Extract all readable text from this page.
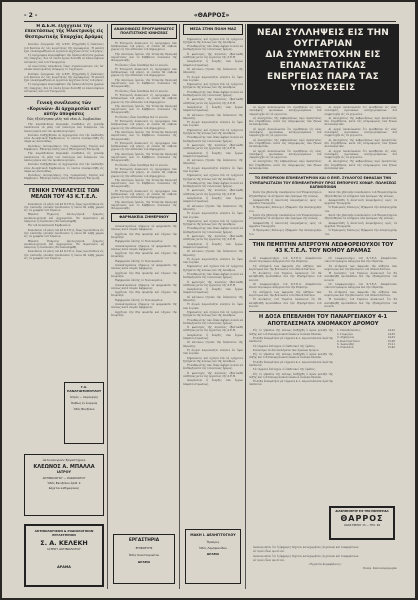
- 2 -	«ΘΑΡΡΟΣ»
Ἡ Δ.Ε.Η. ἐξήγγειλε τὴν ἐπεκτάσεως τῆς Ἠλεκτρικῆς εἰς Θεσπρωτικῆς Ἐπαρχίας Δράμας

Κατόπιν ἐνεργειῶν τῆς Δ.Ε.Η. ἐξηγγέλθη ἡ ἐπέκτασις τοῦ δικτύου εἰς τὰς κοινότητας τῆς περιφερείας. Ἡ μελέτη ἔχει ὁλοκληρωθῆ καὶ αἱ ἐργασίαι ἀρχίζουν ἐντὸς τοῦ μηνός.

Τὸ πρόγραμμα περιλαμβάνει τὴν ἠλεκτροδότησιν χωρίων τῆς ἐπαρχίας, διὰ τὰ ὁποῖα ἔχουν διατεθῆ αἱ ἀπαιτούμεναι πιστώσεις ὑπὸ τοῦ Ὑπουργείου.

Αἱ κοινότητες καλοῦνται ὅπως συγκεντρώσουν τὰς ὑπ’ αὐτῶν ἀναλογούσας εἰσφορὰς τὸ ταχύτερον.

Κατόπιν ἐνεργειῶν τῆς Δ.Ε.Η. ἐξηγγέλθη ἡ ἐπέκτασις τοῦ δικτύου εἰς τὰς κοινότητας τῆς περιφερείας. Ἡ μελέτη ἔχει ὁλοκληρωθῆ καὶ αἱ ἐργασίαι ἀρχίζουν ἐντὸς τοῦ μηνός.

Τὸ πρόγραμμα περιλαμβάνει τὴν ἠλεκτροδότησιν χωρίων τῆς ἐπαρχίας, διὰ τὰ ὁποῖα ἔχουν διατεθῆ αἱ ἀπαιτούμεναι πιστώσεις ὑπὸ τοῦ Ὑπουργείου.

Γενικὴ συνέλευσις τῶν «Κορυνῶν» Αἱ ἀρχαιρεσίαι κατ’ αὐτήν ἀποφάσεις
Πῶς ἐξελέγησαν μέλη τοῦ νέου Δ. Συμβουλίου

Τὴν παρελθοῦσαν Κυριακὴν συνῆλθον εἰς γενικὴν συνέλευσιν τὰ μέλη τοῦ συλλόγου καὶ ἐνέκριναν τὸν ἀπολογισμὸν καὶ τὸν προϋπολογισμόν.

Κατόπιν διεξήχθησαν αἱ ἀρχαιρεσίαι διὰ τὴν ἀνάδειξιν νέου Διοικητικοῦ Συμβουλίου, τὸ ὁποῖον συνεκροτήθη εἰς σῶμα ὡς ἀκολούθως.

Πρόεδρος, Ἀντιπρόεδρος, Γεν. Γραμματεύς, Ταμίας καὶ Σύμβουλοι. Ἐξελέγη ἐπίσης καὶ ἡ Ἐξελεγκτικὴ Ἐπιτροπή.

Τὴν παρελθοῦσαν Κυριακὴν συνῆλθον εἰς γενικὴν συνέλευσιν τὰ μέλη τοῦ συλλόγου καὶ ἐνέκριναν τὸν ἀπολογισμὸν καὶ τὸν προϋπολογισμόν.

Κατόπιν διεξήχθησαν αἱ ἀρχαιρεσίαι διὰ τὴν ἀνάδειξιν νέου Διοικητικοῦ Συμβουλίου, τὸ ὁποῖον συνεκροτήθη εἰς σῶμα ὡς ἀκολούθως.

Πρόεδρος, Ἀντιπρόεδρος, Γεν. Γραμματεύς, Ταμίας καὶ Σύμβουλοι. Ἐξελέγη ἐπίσης καὶ ἡ Ἐξελεγκτικὴ Ἐπιτροπή.

ΓΕΝΙΚΗ ΣΥΝΕΛΕΥΣΙΣ ΤΩΝ ΜΕΛΩΝ ΤΟΥ 43 Κ.Τ.Ε.Λ.

Καλοῦνται τὰ μέλη τοῦ 43 Κ.Τ.Ε.Λ. ὅπως προσέλθουν εἰς τὴν τακτικὴν γενικὴν συνέλευσιν ἡ ὁποία θὰ λάβῃ χώραν εἰς τὰ γραφεῖα τοῦ Ταμείου.

Θέματα: Ἔγκρισις ἀπολογισμοῦ, ἔγκρισις προϋπολογισμοῦ καὶ ἀρχαιρεσίαι. Ἐν περιπτώσει μὴ ἀπαρτίας ἡ συνέλευσις θὰ ἐπαναληφθῇ.

Ἐκ τοῦ Διοικητικοῦ Συμβουλίου.

Καλοῦνται τὰ μέλη τοῦ 43 Κ.Τ.Ε.Λ. ὅπως προσέλθουν εἰς τὴν τακτικὴν γενικὴν συνέλευσιν ἡ ὁποία θὰ λάβῃ χώραν εἰς τὰ γραφεῖα τοῦ Ταμείου.

Θέματα: Ἔγκρισις ἀπολογισμοῦ, ἔγκρισις προϋπολογισμοῦ καὶ ἀρχαιρεσίαι. Ἐν περιπτώσει μὴ ἀπαρτίας ἡ συνέλευσις θὰ ἐπαναληφθῇ.

Καλοῦνται τὰ μέλη τοῦ 43 Κ.Τ.Ε.Λ. ὅπως προσέλθουν εἰς τὴν τακτικὴν γενικὴν συνέλευσιν ἡ ὁποία θὰ λάβῃ χώραν εἰς τὰ γραφεῖα τοῦ Ταμείου.

Γ.Α. ΠΑΝΑΓΙΩΤΟΠΟΥΛΟΥ
Ἰατρὸς — Χειρουργός
Ἰσοβίως ἐν ἐνεργείᾳ
Ὁδὸς Βενιζέλου
Ἀκτινολογικὸν Ἐργαστήριον
ΚΛΕΩΝΟΣ Α. ΜΠΑΛΛΑ
ΙΑΤΡΟΥ
ΑΚΤΙΝΟΛΟΓΟΥ — ΡΑΔΙΟΛΟΓΟΥ
Ὁδὸς Βενιζέλου ἀριθ. 4
Δέχεται καθημερινῶς
ΑΚΤΙΝΟΛΟΓΙΚΟΝ & ΡΑΔΙΟΛΟΓΙΚΟΝ
ΕΡΓΑΣΤΗΡΙΟΝ
Σ. Α. ΚΕΛΕΚΗ
ΙΑΤΡΟΥ ΑΚΤΙΝΟΛΟΓΟΥ
ΔΡΑΜΑ
ΑΝΑΚΟΙΝΩΣΙΣ ΠΡΟΓΡΑΜΜΑΤΟΣ ΠΟΛΙΤΙΣΤΙΚΗΣ ΚΙΝΗΣΕΩΣ

Ἡ Ἐπιτροπὴ ἀνακοινοῖ τὸ πρόγραμμα τῶν ἐκδηλώσεων τοῦ μηνός, αἱ ὁποῖαι θὰ λάβουν χώραν εἰς τὴν αἴθουσαν τοῦ Δημαρχείου.

Τὴν Δευτέραν ὁμιλία, τὴν Τετάρτην θεατρικὴ παράστασις καὶ τὸ Σάββατον συναυλία τῆς Φιλαρμονικῆς.

Ἡ εἴσοδος εἶναι ἐλευθέρα διὰ τὸ κοινόν.

Ἡ Ἐπιτροπὴ ἀνακοινοῖ τὸ πρόγραμμα τῶν ἐκδηλώσεων τοῦ μηνός, αἱ ὁποῖαι θὰ λάβουν χώραν εἰς τὴν αἴθουσαν τοῦ Δημαρχείου.

Τὴν Δευτέραν ὁμιλία, τὴν Τετάρτην θεατρικὴ παράστασις καὶ τὸ Σάββατον συναυλία τῆς Φιλαρμονικῆς.

Ἡ εἴσοδος εἶναι ἐλευθέρα διὰ τὸ κοινόν.

Ἡ Ἐπιτροπὴ ἀνακοινοῖ τὸ πρόγραμμα τῶν ἐκδηλώσεων τοῦ μηνός, αἱ ὁποῖαι θὰ λάβουν χώραν εἰς τὴν αἴθουσαν τοῦ Δημαρχείου.

Τὴν Δευτέραν ὁμιλία, τὴν Τετάρτην θεατρικὴ παράστασις καὶ τὸ Σάββατον συναυλία τῆς Φιλαρμονικῆς.

Ἡ εἴσοδος εἶναι ἐλευθέρα διὰ τὸ κοινόν.

Ἡ Ἐπιτροπὴ ἀνακοινοῖ τὸ πρόγραμμα τῶν ἐκδηλώσεων τοῦ μηνός, αἱ ὁποῖαι θὰ λάβουν χώραν εἰς τὴν αἴθουσαν τοῦ Δημαρχείου.

Τὴν Δευτέραν ὁμιλία, τὴν Τετάρτην θεατρικὴ παράστασις καὶ τὸ Σάββατον συναυλία τῆς Φιλαρμονικῆς.

Ἡ Ἐπιτροπὴ ἀνακοινοῖ τὸ πρόγραμμα τῶν ἐκδηλώσεων τοῦ μηνός, αἱ ὁποῖαι θὰ λάβουν χώραν εἰς τὴν αἴθουσαν τοῦ Δημαρχείου.

Τὴν Δευτέραν ὁμιλία, τὴν Τετάρτην θεατρικὴ παράστασις καὶ τὸ Σάββατον συναυλία τῆς Φιλαρμονικῆς.

Ἡ εἴσοδος εἶναι ἐλευθέρα διὰ τὸ κοινόν.

Ἡ Ἐπιτροπὴ ἀνακοινοῖ τὸ πρόγραμμα τῶν ἐκδηλώσεων τοῦ μηνός, αἱ ὁποῖαι θὰ λάβουν χώραν εἰς τὴν αἴθουσαν τοῦ Δημαρχείου.

Τὴν Δευτέραν ὁμιλία, τὴν Τετάρτην θεατρικὴ παράστασις καὶ τὸ Σάββατον συναυλία τῆς Φιλαρμονικῆς.

Ἡ Ἐπιτροπὴ ἀνακοινοῖ τὸ πρόγραμμα τῶν ἐκδηλώσεων τοῦ μηνός, αἱ ὁποῖαι θὰ λάβουν χώραν εἰς τὴν αἴθουσαν τοῦ Δημαρχείου.

Τὴν Δευτέραν ὁμιλία, τὴν Τετάρτην θεατρικὴ παράστασις καὶ τὸ Σάββατον συναυλία τῆς Φιλαρμονικῆς.

ΦΑΡΜΑΚΕΙΑ ΣΗΜΕΡΙΝΟΥ

Διανυκτερεύουν σήμερον τὰ φαρμακεῖα τῆς πόλεως κατὰ σειρὰν ἐφημερίας.

Ἀρχίζουν τὴν 8ην πρωϊνὴν καὶ λήγουν τὴν ἑπομένην.

Ἐφημερεύει ἐπίσης τὸ Νοσοκομεῖον.

Διανυκτερεύουν σήμερον τὰ φαρμακεῖα τῆς πόλεως κατὰ σειρὰν ἐφημερίας.

Ἀρχίζουν τὴν 8ην πρωϊνὴν καὶ λήγουν τὴν ἑπομένην.

Ἐφημερεύει ἐπίσης τὸ Νοσοκομεῖον.

Διανυκτερεύουν σήμερον τὰ φαρμακεῖα τῆς πόλεως κατὰ σειρὰν ἐφημερίας.

Ἀρχίζουν τὴν 8ην πρωϊνὴν καὶ λήγουν τὴν ἑπομένην.

Ἐφημερεύει ἐπίσης τὸ Νοσοκομεῖον.

Διανυκτερεύουν σήμερον τὰ φαρμακεῖα τῆς πόλεως κατὰ σειρὰν ἐφημερίας.

Ἀρχίζουν τὴν 8ην πρωϊνὴν καὶ λήγουν τὴν ἑπομένην.

Ἐφημερεύει ἐπίσης τὸ Νοσοκομεῖον.

Διανυκτερεύουν σήμερον τὰ φαρμακεῖα τῆς πόλεως κατὰ σειρὰν ἐφημερίας.

Ἀρχίζουν τὴν 8ην πρωϊνὴν καὶ λήγουν τὴν ἑπομένην.

ΕΡΓΑΣΤΗΡΙΑ
ΕΠΙΣΚΕΥΗΣ
Ὁδὸς Κουντουριώτου
ΔΡΑΜΑ
ΜΕΣΑ ΣΤΗΝ ΠΟΛΗ ΜΑΣ

Σημειώσεις καὶ σχόλια διὰ τὰ τρέχοντα ζητήματα τῆς πόλεως καὶ τῆς ὑπαίθρου.

Ἡ καθαριότης τῶν ὁδῶν ἀφήνει πολλὰ νὰ ἐπιθυμῇ κατὰ τὰς τελευταίας ἡμέρας.

Ὁ φωτισμὸς τῆς πλατείας ἐβελτιώθη αἰσθητῶς μετὰ τὰς ἐργασίας τῆς Δ.Ε.Η.

Ἀναμένεται ἡ ἔναρξις τῶν ἔργων ἀσφαλτοστρώσεως.

Οἱ κάτοικοι ζητοῦν τὴν ἐπέκτασιν τῆς ὕδρευσης.

Ἡ ἀγορὰ παρουσιάζει κίνησιν ἐν ὄψει τῶν ἑορτῶν.

Σημειώσεις καὶ σχόλια διὰ τὰ τρέχοντα ζητήματα τῆς πόλεως καὶ τῆς ὑπαίθρου.

Ἡ καθαριότης τῶν ὁδῶν ἀφήνει πολλὰ νὰ ἐπιθυμῇ κατὰ τὰς τελευταίας ἡμέρας.

Ὁ φωτισμὸς τῆς πλατείας ἐβελτιώθη αἰσθητῶς μετὰ τὰς ἐργασίας τῆς Δ.Ε.Η.

Ἀναμένεται ἡ ἔναρξις τῶν ἔργων ἀσφαλτοστρώσεως.

Οἱ κάτοικοι ζητοῦν τὴν ἐπέκτασιν τῆς ὕδρευσης.

Ἡ ἀγορὰ παρουσιάζει κίνησιν ἐν ὄψει τῶν ἑορτῶν.

Σημειώσεις καὶ σχόλια διὰ τὰ τρέχοντα ζητήματα τῆς πόλεως καὶ τῆς ὑπαίθρου.

Ἡ καθαριότης τῶν ὁδῶν ἀφήνει πολλὰ νὰ ἐπιθυμῇ κατὰ τὰς τελευταίας ἡμέρας.

Ὁ φωτισμὸς τῆς πλατείας ἐβελτιώθη αἰσθητῶς μετὰ τὰς ἐργασίας τῆς Δ.Ε.Η.

Ἀναμένεται ἡ ἔναρξις τῶν ἔργων ἀσφαλτοστρώσεως.

Οἱ κάτοικοι ζητοῦν τὴν ἐπέκτασιν τῆς ὕδρευσης.

Ἡ ἀγορὰ παρουσιάζει κίνησιν ἐν ὄψει τῶν ἑορτῶν.

Σημειώσεις καὶ σχόλια διὰ τὰ τρέχοντα ζητήματα τῆς πόλεως καὶ τῆς ὑπαίθρου.

Ἡ καθαριότης τῶν ὁδῶν ἀφήνει πολλὰ νὰ ἐπιθυμῇ κατὰ τὰς τελευταίας ἡμέρας.

Ὁ φωτισμὸς τῆς πλατείας ἐβελτιώθη αἰσθητῶς μετὰ τὰς ἐργασίας τῆς Δ.Ε.Η.

Ἀναμένεται ἡ ἔναρξις τῶν ἔργων ἀσφαλτοστρώσεως.

Οἱ κάτοικοι ζητοῦν τὴν ἐπέκτασιν τῆς ὕδρευσης.

Ἡ ἀγορὰ παρουσιάζει κίνησιν ἐν ὄψει τῶν ἑορτῶν.

Σημειώσεις καὶ σχόλια διὰ τὰ τρέχοντα ζητήματα τῆς πόλεως καὶ τῆς ὑπαίθρου.

Ἡ καθαριότης τῶν ὁδῶν ἀφήνει πολλὰ νὰ ἐπιθυμῇ κατὰ τὰς τελευταίας ἡμέρας.

Ὁ φωτισμὸς τῆς πλατείας ἐβελτιώθη αἰσθητῶς μετὰ τὰς ἐργασίας τῆς Δ.Ε.Η.

Ἀναμένεται ἡ ἔναρξις τῶν ἔργων ἀσφαλτοστρώσεως.

Οἱ κάτοικοι ζητοῦν τὴν ἐπέκτασιν τῆς ὕδρευσης.

Ἡ ἀγορὰ παρουσιάζει κίνησιν ἐν ὄψει τῶν ἑορτῶν.

Σημειώσεις καὶ σχόλια διὰ τὰ τρέχοντα ζητήματα τῆς πόλεως καὶ τῆς ὑπαίθρου.

Ἡ καθαριότης τῶν ὁδῶν ἀφήνει πολλὰ νὰ ἐπιθυμῇ κατὰ τὰς τελευταίας ἡμέρας.

Ὁ φωτισμὸς τῆς πλατείας ἐβελτιώθη αἰσθητῶς μετὰ τὰς ἐργασίας τῆς Δ.Ε.Η.

Ἀναμένεται ἡ ἔναρξις τῶν ἔργων ἀσφαλτοστρώσεως.

Οἱ κάτοικοι ζητοῦν τὴν ἐπέκτασιν τῆς ὕδρευσης.

Ἡ ἀγορὰ παρουσιάζει κίνησιν ἐν ὄψει τῶν ἑορτῶν.

Σημειώσεις καὶ σχόλια διὰ τὰ τρέχοντα ζητήματα τῆς πόλεως καὶ τῆς ὑπαίθρου.

Ἡ καθαριότης τῶν ὁδῶν ἀφήνει πολλὰ νὰ ἐπιθυμῇ κατὰ τὰς τελευταίας ἡμέρας.

Ὁ φωτισμὸς τῆς πλατείας ἐβελτιώθη αἰσθητῶς μετὰ τὰς ἐργασίας τῆς Δ.Ε.Η.

Ἀναμένεται ἡ ἔναρξις τῶν ἔργων ἀσφαλτοστρώσεως.

Οἱ κάτοικοι ζητοῦν τὴν ἐπέκτασιν τῆς ὕδρευσης.

Ἡ ἀγορὰ παρουσιάζει κίνησιν ἐν ὄψει τῶν ἑορτῶν.

Σημειώσεις καὶ σχόλια διὰ τὰ τρέχοντα ζητήματα τῆς πόλεως καὶ τῆς ὑπαίθρου.

Ἡ καθαριότης τῶν ὁδῶν ἀφήνει πολλὰ νὰ ἐπιθυμῇ κατὰ τὰς τελευταίας ἡμέρας.

Ὁ φωτισμὸς τῆς πλατείας ἐβελτιώθη αἰσθητῶς μετὰ τὰς ἐργασίας τῆς Δ.Ε.Η.

Ἀναμένεται ἡ ἔναρξις τῶν ἔργων ἀσφαλτοστρώσεως.

ΜΑΚΗ Ι. ΔΕΛΗΓΙΤΟΓΛΟΥ
Ἔμπορος
Ὁδὸς Λαμπριανίδου
ΔΡΑΜΑ
ΝΕΑΙ ΣΥΛΛΗΨΕΙΣ ΕΙΣ ΤΗΝ ΟΥΓΓΑΡΙΑΝ
ΔΙΑ ΣΥΜΜΕΤΟΧΗΝ ΕΙΣ ΕΠΑΝΑΣΤΑΤΙΚΑΣ
ΕΝΕΡΓΕΙΑΣ ΠΑΡΑ ΤΑΣ ΥΠΟΣΧΕΣΕΙΣ

Αἱ ἀρχαὶ ἀνεκοίνωσαν ὅτι προέβησαν εἰς νέας συλλήψεις προσώπων κατηγορουμένων διὰ συμμετοχὴν εἰς τὰ γεγονότα.

Αἱ ὑποσχέσεις τῆς κυβερνήσεως περὶ ἀμνηστείας δὲν ἐτηρήθησαν, κατὰ τὰς πληροφορίας τῶν ξένων ἀνταποκριτῶν.

Αἱ ἀρχαὶ ἀνεκοίνωσαν ὅτι προέβησαν εἰς νέας συλλήψεις προσώπων κατηγορουμένων διὰ συμμετοχὴν εἰς τὰ γεγονότα.

Αἱ ὑποσχέσεις τῆς κυβερνήσεως περὶ ἀμνηστείας δὲν ἐτηρήθησαν, κατὰ τὰς πληροφορίας τῶν ξένων ἀνταποκριτῶν.

Αἱ ἀρχαὶ ἀνεκοίνωσαν ὅτι προέβησαν εἰς νέας συλλήψεις προσώπων κατηγορουμένων διὰ συμμετοχὴν εἰς τὰ γεγονότα.

Αἱ ὑποσχέσεις τῆς κυβερνήσεως περὶ ἀμνηστείας δὲν ἐτηρήθησαν, κατὰ τὰς πληροφορίας τῶν ξένων ἀνταποκριτῶν.

Αἱ ἀρχαὶ ἀνεκοίνωσαν ὅτι προέβησαν εἰς νέας συλλήψεις προσώπων κατηγορουμένων διὰ συμμετοχὴν εἰς τὰ γεγονότα.

Αἱ ὑποσχέσεις τῆς κυβερνήσεως περὶ ἀμνηστείας δὲν ἐτηρήθησαν, κατὰ τὰς πληροφορίας τῶν ξένων ἀνταποκριτῶν.

Αἱ ἀρχαὶ ἀνεκοίνωσαν ὅτι προέβησαν εἰς νέας συλλήψεις προσώπων κατηγορουμένων διὰ συμμετοχὴν εἰς τὰ γεγονότα.

Αἱ ὑποσχέσεις τῆς κυβερνήσεως περὶ ἀμνηστείας δὲν ἐτηρήθησαν, κατὰ τὰς πληροφορίας τῶν ξένων ἀνταποκριτῶν.

Αἱ ἀρχαὶ ἀνεκοίνωσαν ὅτι προέβησαν εἰς νέας συλλήψεις προσώπων κατηγορουμένων διὰ συμμετοχὴν εἰς τὰ γεγονότα.

Αἱ ὑποσχέσεις τῆς κυβερνήσεως περὶ ἀμνηστείας δὲν ἐτηρήθησαν, κατὰ τὰς πληροφορίας τῶν ξένων ἀνταποκριτῶν.

ΤΟ ΕΜΠΟΡΙΚΟΝ ΕΠΙΜΕΛΗΤΗΡΙΟΝ ΚΑΙ Ο ΕΜΠ. ΣΥΛΛΟΓΟΣ ΕΦΘΑΣΑΝ ΤΗΝ ΣΥΜΠΑΡΑΣΤΑΣΙΝ ΤΟΥ ΕΠΙΜΕΛΗΤΗΡΙΟΥ ΠΡΟΣ ΕΜΠΟΡΟΥΣ ΧΟΝΔΡ. ΠΩΛΗΣΕΩΣ ΚΑΠΝΟΠΟΙΩΝ

Κατὰ τὴν χθεσινὴν συνεδρίασιν τοῦ Ἐπιμελητηρίου ἐξητάσθησαν τὰ αἰτήματα τῶν ἐμπόρων τῆς πόλεως.

Ἀπεφασίσθη ἡ ἀποστολὴ ὑπομνήματος πρὸς τὰ ἁρμόδια Ὑπουργεῖα.

Ὁ Ἐμπορικὸς Σύλλογος ἐξέφρασε τὴν ἀλληλεγγύην του.

Κατὰ τὴν χθεσινὴν συνεδρίασιν τοῦ Ἐπιμελητηρίου ἐξητάσθησαν τὰ αἰτήματα τῶν ἐμπόρων τῆς πόλεως.

Ἀπεφασίσθη ἡ ἀποστολὴ ὑπομνήματος πρὸς τὰ ἁρμόδια Ὑπουργεῖα.

Ὁ Ἐμπορικὸς Σύλλογος ἐξέφρασε τὴν ἀλληλεγγύην του.

Κατὰ τὴν χθεσινὴν συνεδρίασιν τοῦ Ἐπιμελητηρίου ἐξητάσθησαν τὰ αἰτήματα τῶν ἐμπόρων τῆς πόλεως.

Ἀπεφασίσθη ἡ ἀποστολὴ ὑπομνήματος πρὸς τὰ ἁρμόδια Ὑπουργεῖα.

Ὁ Ἐμπορικὸς Σύλλογος ἐξέφρασε τὴν ἀλληλεγγύην του.

Κατὰ τὴν χθεσινὴν συνεδρίασιν τοῦ Ἐπιμελητηρίου ἐξητάσθησαν τὰ αἰτήματα τῶν ἐμπόρων τῆς πόλεως.

Ἀπεφασίσθη ἡ ἀποστολὴ ὑπομνήματος πρὸς τὰ ἁρμόδια Ὑπουργεῖα.

Ὁ Ἐμπορικὸς Σύλλογος ἐξέφρασε τὴν ἀλληλεγγύην του.

ΤΗΝ ΠΕΜΠΤΗΝ ΑΠΕΡΓΟΥΝ ΛΕΩΦΟΡΕΙΟΥΧΟΙ ΤΟΥ 43 Κ.Τ.Ε.Λ. ΤΟΥ ΝΟΜΟΥ ΔΡΑΜΑΣ

Οἱ λεωφορειοῦχοι τοῦ Κ.Τ.Ε.Λ. ἀπεφάσισαν εἰκοσιτετράωρον ἀπεργίαν διὰ τὴν Πέμπτην.

Τὰ αἰτήματά των ἀφοροῦν τὴν αὔξησιν τῶν κομίστρων καὶ τὴν βελτίωσιν τοῦ ὁδικοῦ δικτύου.

Ἡ Διοίκησις τοῦ Ταμείου ἀνακοινοῖ ὅτι θὰ καταβληθῇ προσπάθεια διὰ τὴν ἐξυπηρέτησιν τοῦ κοινοῦ.

Οἱ λεωφορειοῦχοι τοῦ Κ.Τ.Ε.Λ. ἀπεφάσισαν εἰκοσιτετράωρον ἀπεργίαν διὰ τὴν Πέμπτην.

Τὰ αἰτήματά των ἀφοροῦν τὴν αὔξησιν τῶν κομίστρων καὶ τὴν βελτίωσιν τοῦ ὁδικοῦ δικτύου.

Ἡ Διοίκησις τοῦ Ταμείου ἀνακοινοῖ ὅτι θὰ καταβληθῇ προσπάθεια διὰ τὴν ἐξυπηρέτησιν τοῦ κοινοῦ.

Οἱ λεωφορειοῦχοι τοῦ Κ.Τ.Ε.Λ. ἀπεφάσισαν εἰκοσιτετράωρον ἀπεργίαν διὰ τὴν Πέμπτην.

Τὰ αἰτήματά των ἀφοροῦν τὴν αὔξησιν τῶν κομίστρων καὶ τὴν βελτίωσιν τοῦ ὁδικοῦ δικτύου.

Ἡ Διοίκησις τοῦ Ταμείου ἀνακοινοῖ ὅτι θὰ καταβληθῇ προσπάθεια διὰ τὴν ἐξυπηρέτησιν τοῦ κοινοῦ.

Οἱ λεωφορειοῦχοι τοῦ Κ.Τ.Ε.Λ. ἀπεφάσισαν εἰκοσιτετράωρον ἀπεργίαν διὰ τὴν Πέμπτην.

Τὰ αἰτήματά των ἀφοροῦν τὴν αὔξησιν τῶν κομίστρων καὶ τὴν βελτίωσιν τοῦ ὁδικοῦ δικτύου.

Ἡ Διοίκησις τοῦ Ταμείου ἀνακοινοῖ ὅτι θὰ καταβληθῇ προσπάθεια διὰ τὴν ἐξυπηρέτησιν τοῦ κοινοῦ.

Η ΔΟΞΑ ΕΠΕΒΛΗΘΗ ΤΟΥ ΠΑΝΑΡΓΕΙΑΚΟΥ 4-1 ΑΠΟΤΕΛΕΣΜΑΤΑ ΧΝΟΜΑΚΟΥ ΔΡΟΜΟΥ

Εἰς τὸ γήπεδον τῆς πόλεως διεξήχθη ὁ ἀγὼν μεταξὺ τῆς Δόξης καὶ τοῦ Παναργειακοῦ ἐνώπιον πολλῶν θεατῶν.

Ἡ Δόξα ἐπεκράτησε μὲ τέρματα 4-1, παρουσιάσασα ἀρίστην ἀπόδοσιν.

Τὰ τέρματα ἐπέτυχον οἱ ἐπιθετικοὶ τῆς ὁμάδος.

Κατωτέρω τὰ ἀποτελέσματα τῶν ἀγώνων δρόμου.

Εἰς τὸ γήπεδον τῆς πόλεως διεξήχθη ὁ ἀγὼν μεταξὺ τῆς Δόξης καὶ τοῦ Παναργειακοῦ ἐνώπιον πολλῶν θεατῶν.

Ἡ Δόξα ἐπεκράτησε μὲ τέρματα 4-1, παρουσιάσασα ἀρίστην ἀπόδοσιν.

Τὰ τέρματα ἐπέτυχον οἱ ἐπιθετικοὶ τῆς ὁμάδος.

Εἰς τὸ γήπεδον τῆς πόλεως διεξήχθη ὁ ἀγὼν μεταξὺ τῆς Δόξης καὶ τοῦ Παναργειακοῦ ἐνώπιον πολλῶν θεατῶν.

Ἡ Δόξα ἐπεκράτησε μὲ τέρματα 4-1, παρουσιάσασα ἀρίστην ἀπόδοσιν.

1. Παπαδόπουλος	14.20
2. Γεωργίου	14.35
3. Δημητρίου	14.52
4. Κωνσταντίνου	15.08
5. Ἰωαννίδης	15.21
6. Νικολάου	15.40
ΔΙΑΦΗΜΙΣΘΗΤΕ ΕΙΣ ΤΗΝ ΕΦΗΜΕΡΙΔΑ
ΘΑΡΡΟΣ
ΟΔΟΣ ΕΡΜΟΥ 13 — ΤΗΛ. 69

Ἀνακοινοῦται ὅτι ἡ ἐφημερὶς δέχεται καταχωρήσεις ἀγγελιῶν καὶ διαφημίσεων.

Αἱ τιμαὶ εἶναι προσιταί.

Ἀνακοινοῦται ὅτι ἡ ἐφημερὶς δέχεται καταχωρήσεις ἀγγελιῶν καὶ διαφημίσεων.

Αἱ τιμαὶ εἶναι προσιταί.

«Ἐργασία Ἀναμφίβολος»

Πολεμ. Καπνοπαραγωγῶν
